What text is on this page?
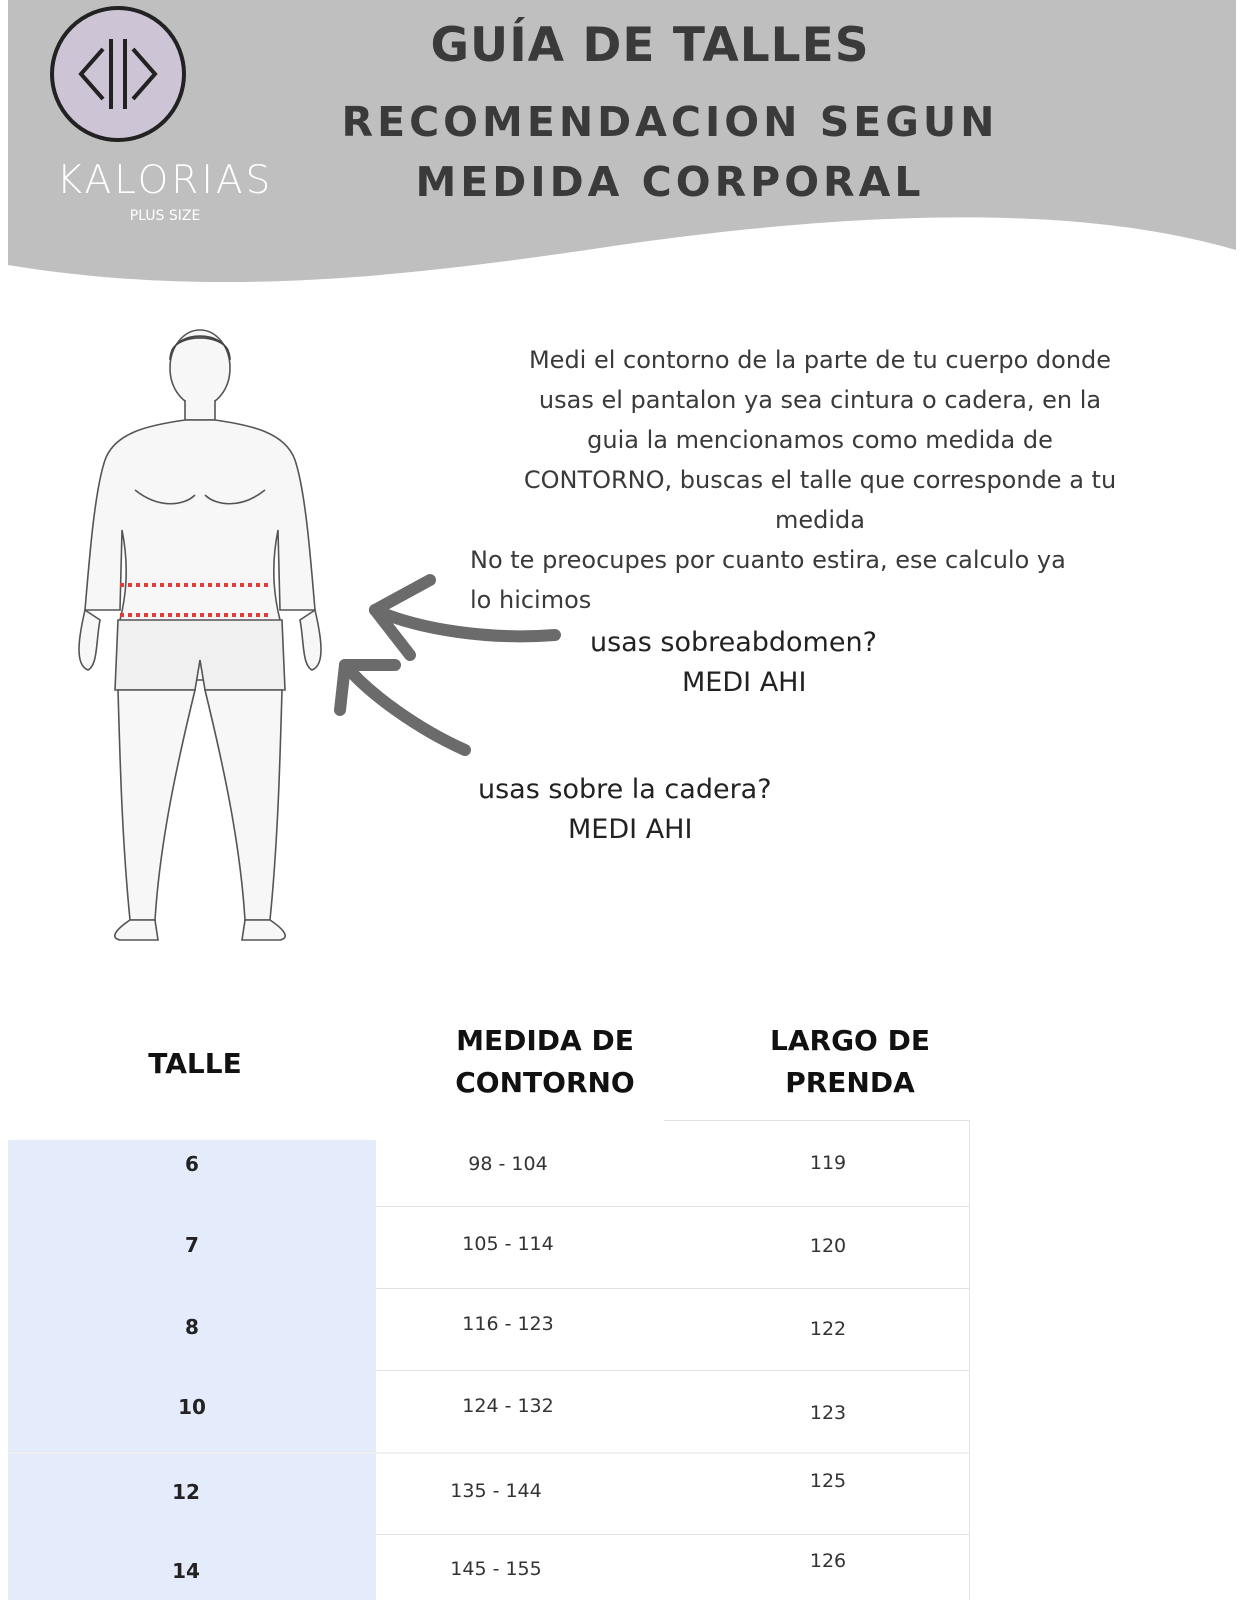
KALORIAS
PLUS SIZE
GUÍA DE TALLES
RECOMENDACION SEGUN
MEDIDA CORPORAL
Medi el contorno de la parte de tu cuerpo donde
usas el pantalon ya sea cintura o cadera, en la
guia la mencionamos como medida de
CONTORNO, buscas el talle que corresponde a tu
medida
No te preocupes por cuanto estira, ese calculo ya
lo hicimos
usas sobreabdomen?
MEDI AHI
usas sobre la cadera?
MEDI AHI
TALLE
MEDIDA DE
CONTORNO
LARGO DE
PRENDA
6	98 - 104	119
7	105 - 114	120
8	116 - 123	122
10	124 - 132	123
12	135 - 144	125
14	145 - 155	126
